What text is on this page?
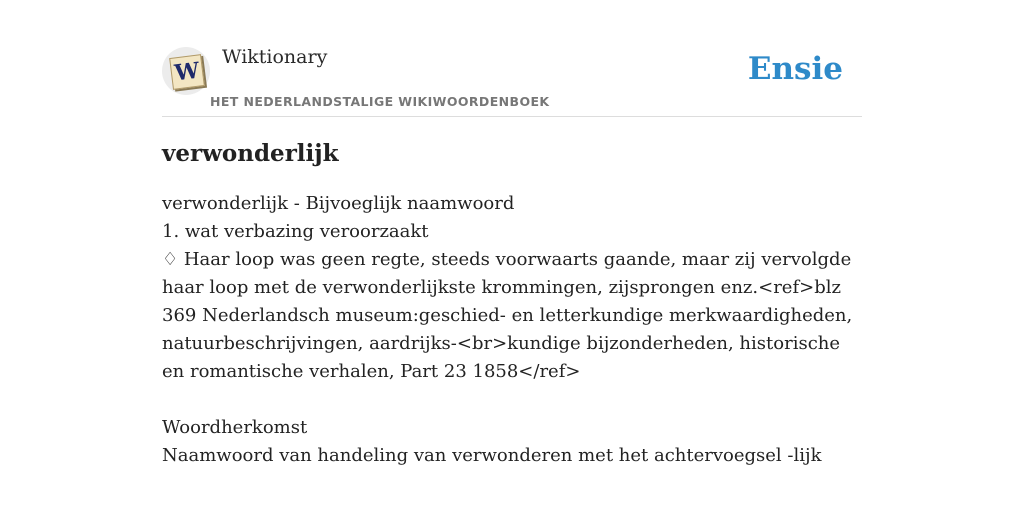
W
Wiktionary
HET NEDERLANDSTALIGE WIKIWOORDENBOEK
Ensie
verwonderlijk
verwonderlijk - Bijvoeglijk naamwoord
1. wat verbazing veroorzaakt
♢ Haar loop was geen regte, steeds voorwaarts gaande, maar zij vervolgde haar loop met de verwonderlijkste krommingen, zijsprongen enz.<ref>blz 369 Nederlandsch museum:geschied- en letterkundige merkwaardigheden, natuurbeschrijvingen, aardrijks-<br>kundige bijzonderheden, historische en romantische verhalen, Part 23 1858</ref>
Woordherkomst
Naamwoord van handeling van verwonderen met het achtervoegsel -lijk
